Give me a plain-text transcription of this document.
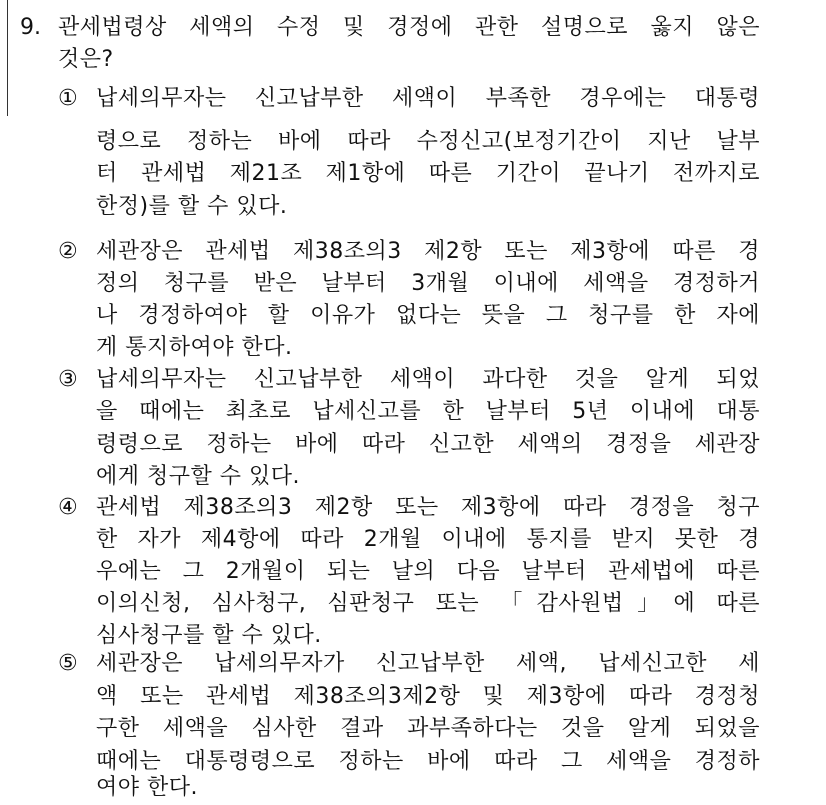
9. 관세법령상 세액의 수정 및 경정에 관한 설명으로 옳지 않은
것은?
① 납세의무자는 신고납부한 세액이 부족한 경우에는 대통령
령으로 정하는 바에 따라 수정신고(보정기간이 지난 날부
터 관세법 제21조 제1항에 따른 기간이 끝나기 전까지로
한정)를 할 수 있다.
② 세관장은 관세법 제38조의3 제2항 또는 제3항에 따른 경
정의 청구를 받은 날부터 3개월 이내에 세액을 경정하거
나 경정하여야 할 이유가 없다는 뜻을 그 청구를 한 자에
게 통지하여야 한다.
③ 납세의무자는 신고납부한 세액이 과다한 것을 알게 되었
을 때에는 최초로 납세신고를 한 날부터 5년 이내에 대통
령령으로 정하는 바에 따라 신고한 세액의 경정을 세관장
에게 청구할 수 있다.
④ 관세법 제38조의3 제2항 또는 제3항에 따라 경정을 청구
한 자가 제4항에 따라 2개월 이내에 통지를 받지 못한 경
우에는 그 2개월이 되는 날의 다음 날부터 관세법에 따른
이의신청, 심사청구, 심판청구 또는 「감사원법」에 따른
심사청구를 할 수 있다.
⑤ 세관장은 납세의무자가 신고납부한 세액, 납세신고한 세
액 또는 관세법 제38조의3제2항 및 제3항에 따라 경정청
구한 세액을 심사한 결과 과부족하다는 것을 알게 되었을
때에는 대통령령으로 정하는 바에 따라 그 세액을 경정하
여야 한다.
